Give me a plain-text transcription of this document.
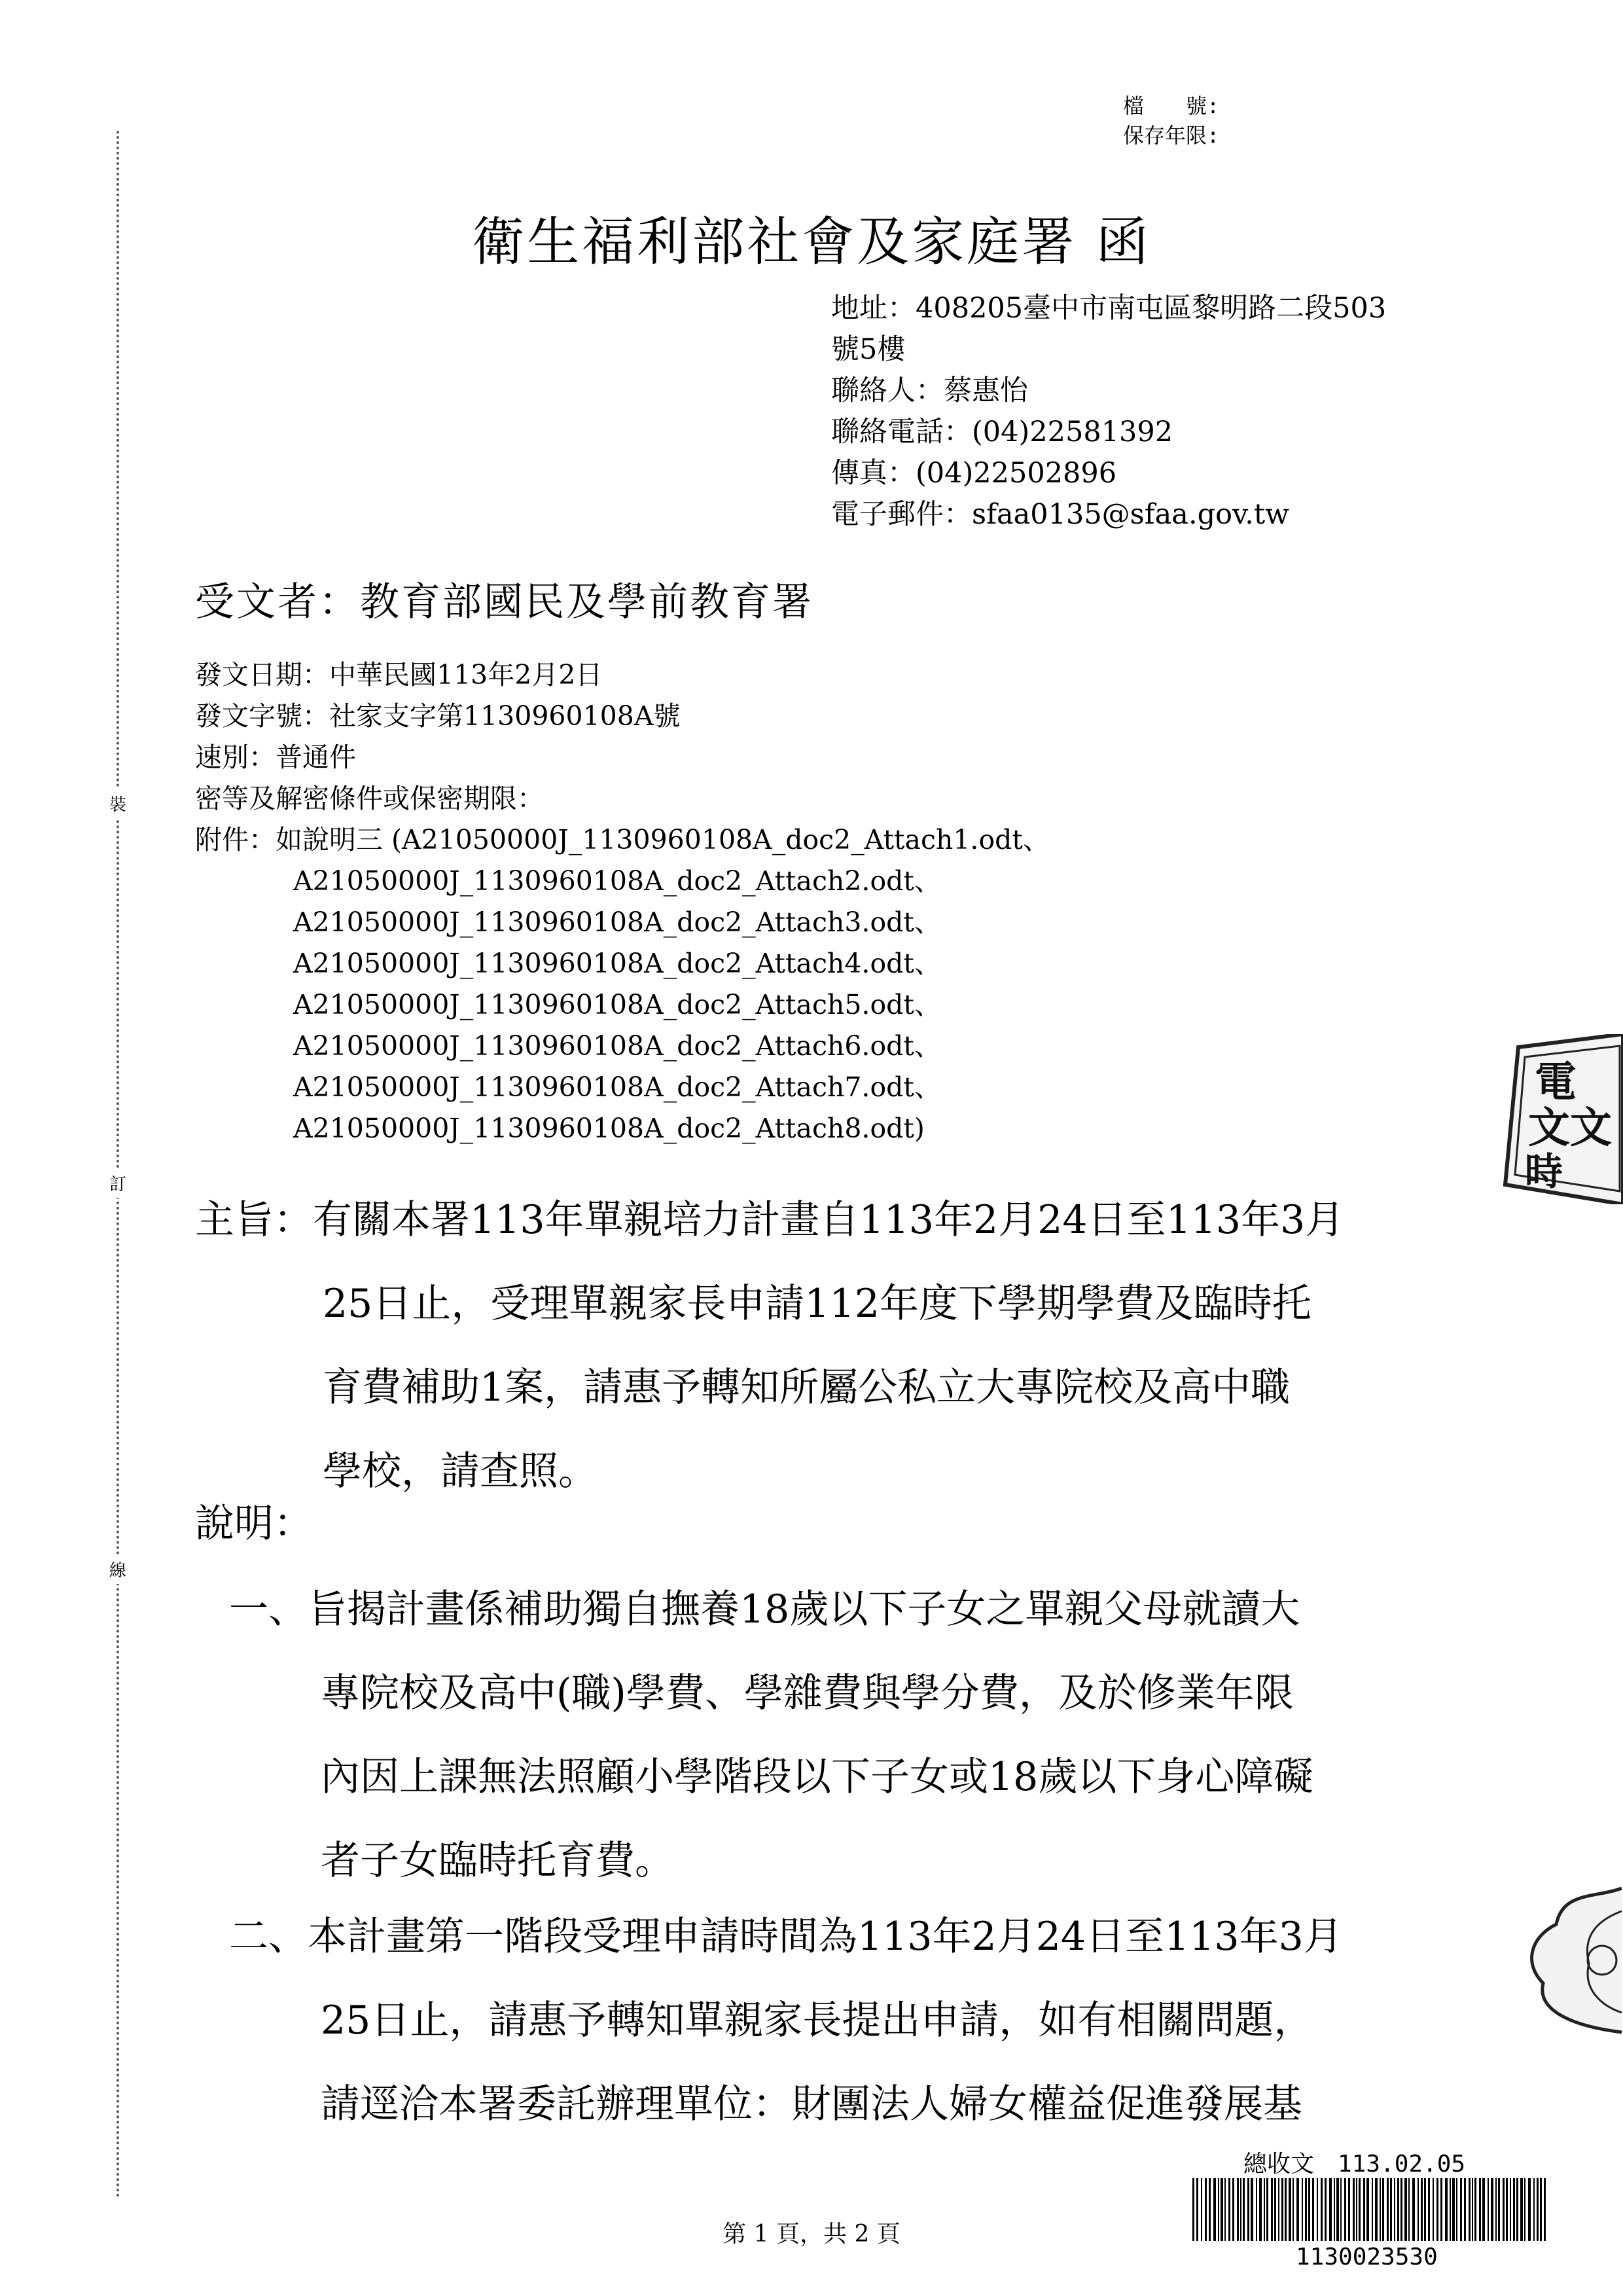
裝
訂
線
檔　　號:
保存年限:
衛生福利部社會及家庭署 函
地址：408205臺中市南屯區黎明路二段503
號5樓
聯絡人：蔡惠怡
聯絡電話：(04)22581392
傳真：(04)22502896
電子郵件：sfaa0135@sfaa.gov.tw
受文者：教育部國民及學前教育署
發文日期：中華民國113年2月2日
發文字號：社家支字第1130960108A號
速別：普通件
密等及解密條件或保密期限：
附件：如說明三 (A21050000J_1130960108A_doc2_Attach1.odt、
A21050000J_1130960108A_doc2_Attach2.odt、
A21050000J_1130960108A_doc2_Attach3.odt、
A21050000J_1130960108A_doc2_Attach4.odt、
A21050000J_1130960108A_doc2_Attach5.odt、
A21050000J_1130960108A_doc2_Attach6.odt、
A21050000J_1130960108A_doc2_Attach7.odt、
A21050000J_1130960108A_doc2_Attach8.odt)
主旨：有關本署113年單親培力計畫自113年2月24日至113年3月
25日止，受理單親家長申請112年度下學期學費及臨時托
育費補助1案，請惠予轉知所屬公私立大專院校及高中職
學校，請查照。
說明：
一、旨揭計畫係補助獨自撫養18歲以下子女之單親父母就讀大
專院校及高中(職)學費、學雜費與學分費，及於修業年限
內因上課無法照顧小學階段以下子女或18歲以下身心障礙
者子女臨時托育費。
二、本計畫第一階段受理申請時間為113年2月24日至113年3月
25日止，請惠予轉知單親家長提出申請，如有相關問題，
請逕洽本署委託辦理單位：財團法人婦女權益促進發展基
電
文文
時
總收文　113.02.05
1130023530
第 1 頁，共 2 頁
